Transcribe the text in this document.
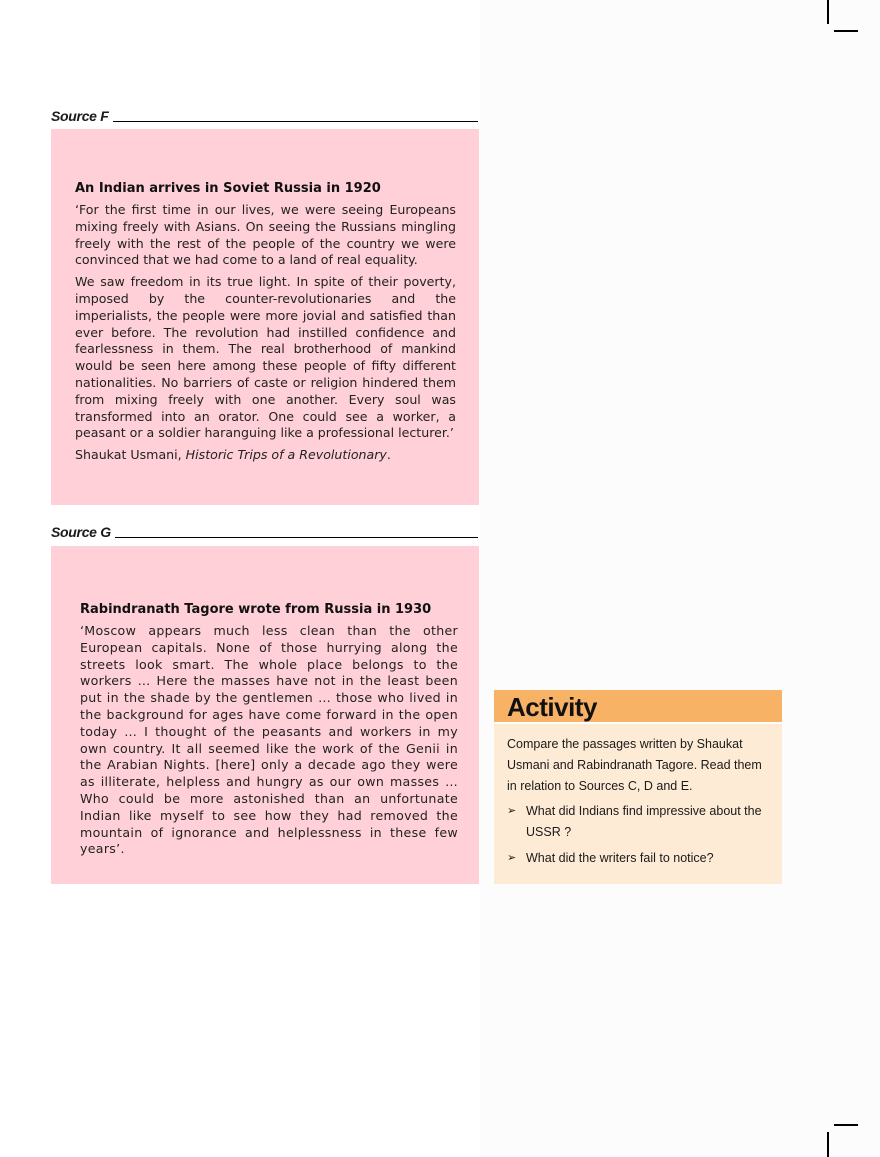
Source F
An Indian arrives in Soviet Russia in 1920

‘For the first time in our lives, we were seeing Europeans mixing freely with Asians. On seeing the Russians mingling freely with the rest of the people of the country we were convinced that we had come to a land of real equality.

We saw freedom in its true light. In spite of their poverty, imposed by the counter-revolutionaries and the imperialists, the people were more jovial and satisfied than ever before. The revolution had instilled confidence and fearlessness in them. The real brotherhood of mankind would be seen here among these people of fifty different nationalities. No barriers of caste or religion hindered them from mixing freely with one another. Every soul was transformed into an orator. One could see a worker, a peasant or a soldier haranguing like a professional lecturer.’

Shaukat Usmani, Historic Trips of a Revolutionary.

Source G
Rabindranath Tagore wrote from Russia in 1930

‘Moscow appears much less clean than the other European capitals. None of those hurrying along the streets look smart. The whole place belongs to the workers … Here the masses have not in the least been put in the shade by the gentlemen … those who lived in the background for ages have come forward in the open today … I thought of the peasants and workers in my own country. It all seemed like the work of the Genii in the Arabian Nights. [here] only a decade ago they were as illiterate, helpless and hungry as our own masses … Who could be more astonished than an unfortunate Indian like myself to see how they had removed the mountain of ignorance and helplessness in these few years’.

Activity
Compare the passages written by Shaukat Usmani and Rabindranath Tagore. Read them in relation to Sources C, D and E.
➢ What did Indians find impressive about the USSR ?
➢ What did the writers fail to notice?
